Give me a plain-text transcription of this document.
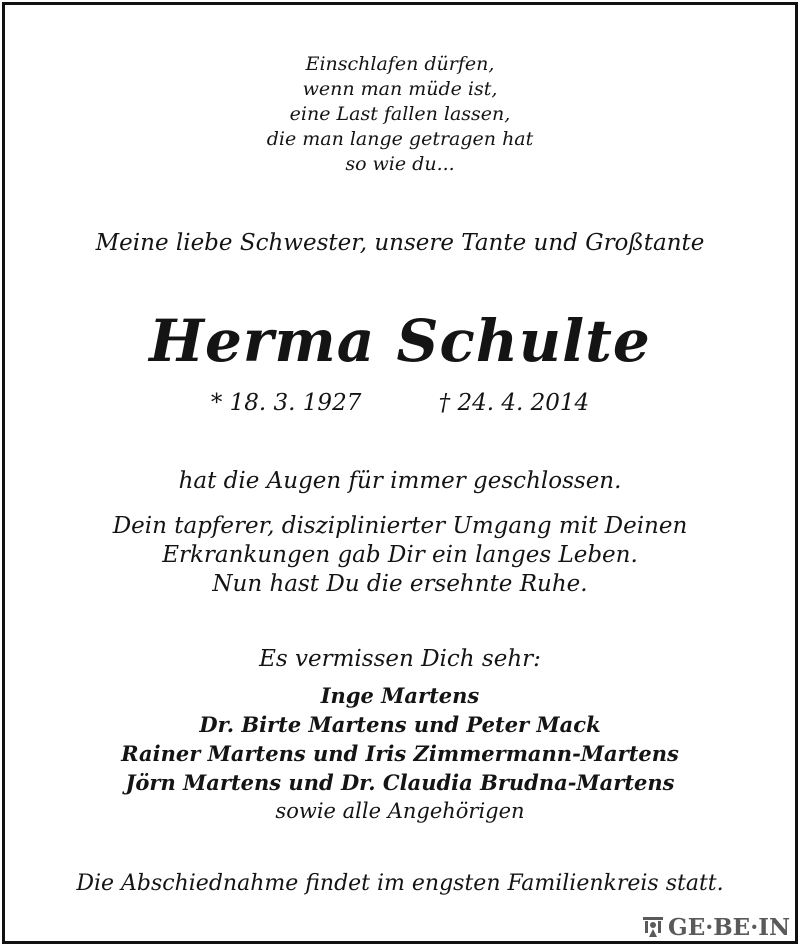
Einschlafen dürfen,
wenn man müde ist,
eine Last fallen lassen,
die man lange getragen hat
so wie du...
Meine liebe Schwester, unsere Tante und Großtante
Herma Schulte
* 18. 3. 1927	† 24. 4. 2014
hat die Augen für immer geschlossen.
Dein tapferer, disziplinierter Umgang mit Deinen
Erkrankungen gab Dir ein langes Leben.
Nun hast Du die ersehnte Ruhe.
Es vermissen Dich sehr:
Inge Martens
Dr. Birte Martens und Peter Mack
Rainer Martens und Iris Zimmermann-Martens
Jörn Martens und Dr. Claudia Brudna-Martens
sowie alle Angehörigen
Die Abschiednahme findet im engsten Familienkreis statt.
GE·BE·IN
